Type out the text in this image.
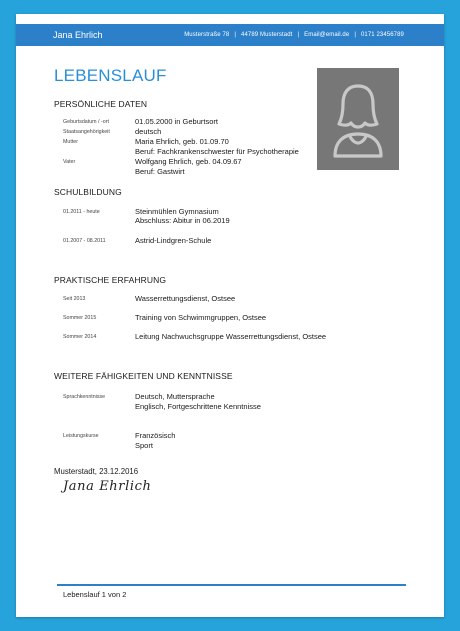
Jana Ehrlich	Musterstraße 78 | 44789 Musterstadt | Email@email.de | 0171 23456789
LEBENSLAUF
PERSÖNLICHE DATEN
Geburtsdatum / -ort	01.05.2000 in Geburtsort
Staatsangehörigkeit	deutsch
Mutter	Maria Ehrlich, geb. 01.09.70
Beruf: Fachkrankenschwester für Psychotherapie
Vater	Wolfgang Ehrlich, geb. 04.09.67
Beruf: Gastwirt
SCHULBILDUNG
01.2011 - heute	Steinmühlen Gymnasium
Abschluss: Abitur in 06.2019
01.2007 - 08.2011	Astrid-Lindgren-Schule
PRAKTISCHE ERFAHRUNG
Seit 2013	Wasserrettungsdienst, Ostsee
Sommer 2015	Training von Schwimmgruppen, Ostsee
Sommer 2014	Leitung Nachwuchsgruppe Wasserrettungsdienst, Ostsee
WEITERE FÄHIGKEITEN UND KENNTNISSE
Sprachkenntnisse	Deutsch, Muttersprache
Englisch, Fortgeschrittene Kenntnisse
Leistungskurse	Französisch
Sport
Musterstadt, 23.12.2016
Jana Ehrlich
Lebenslauf 1 von 2
